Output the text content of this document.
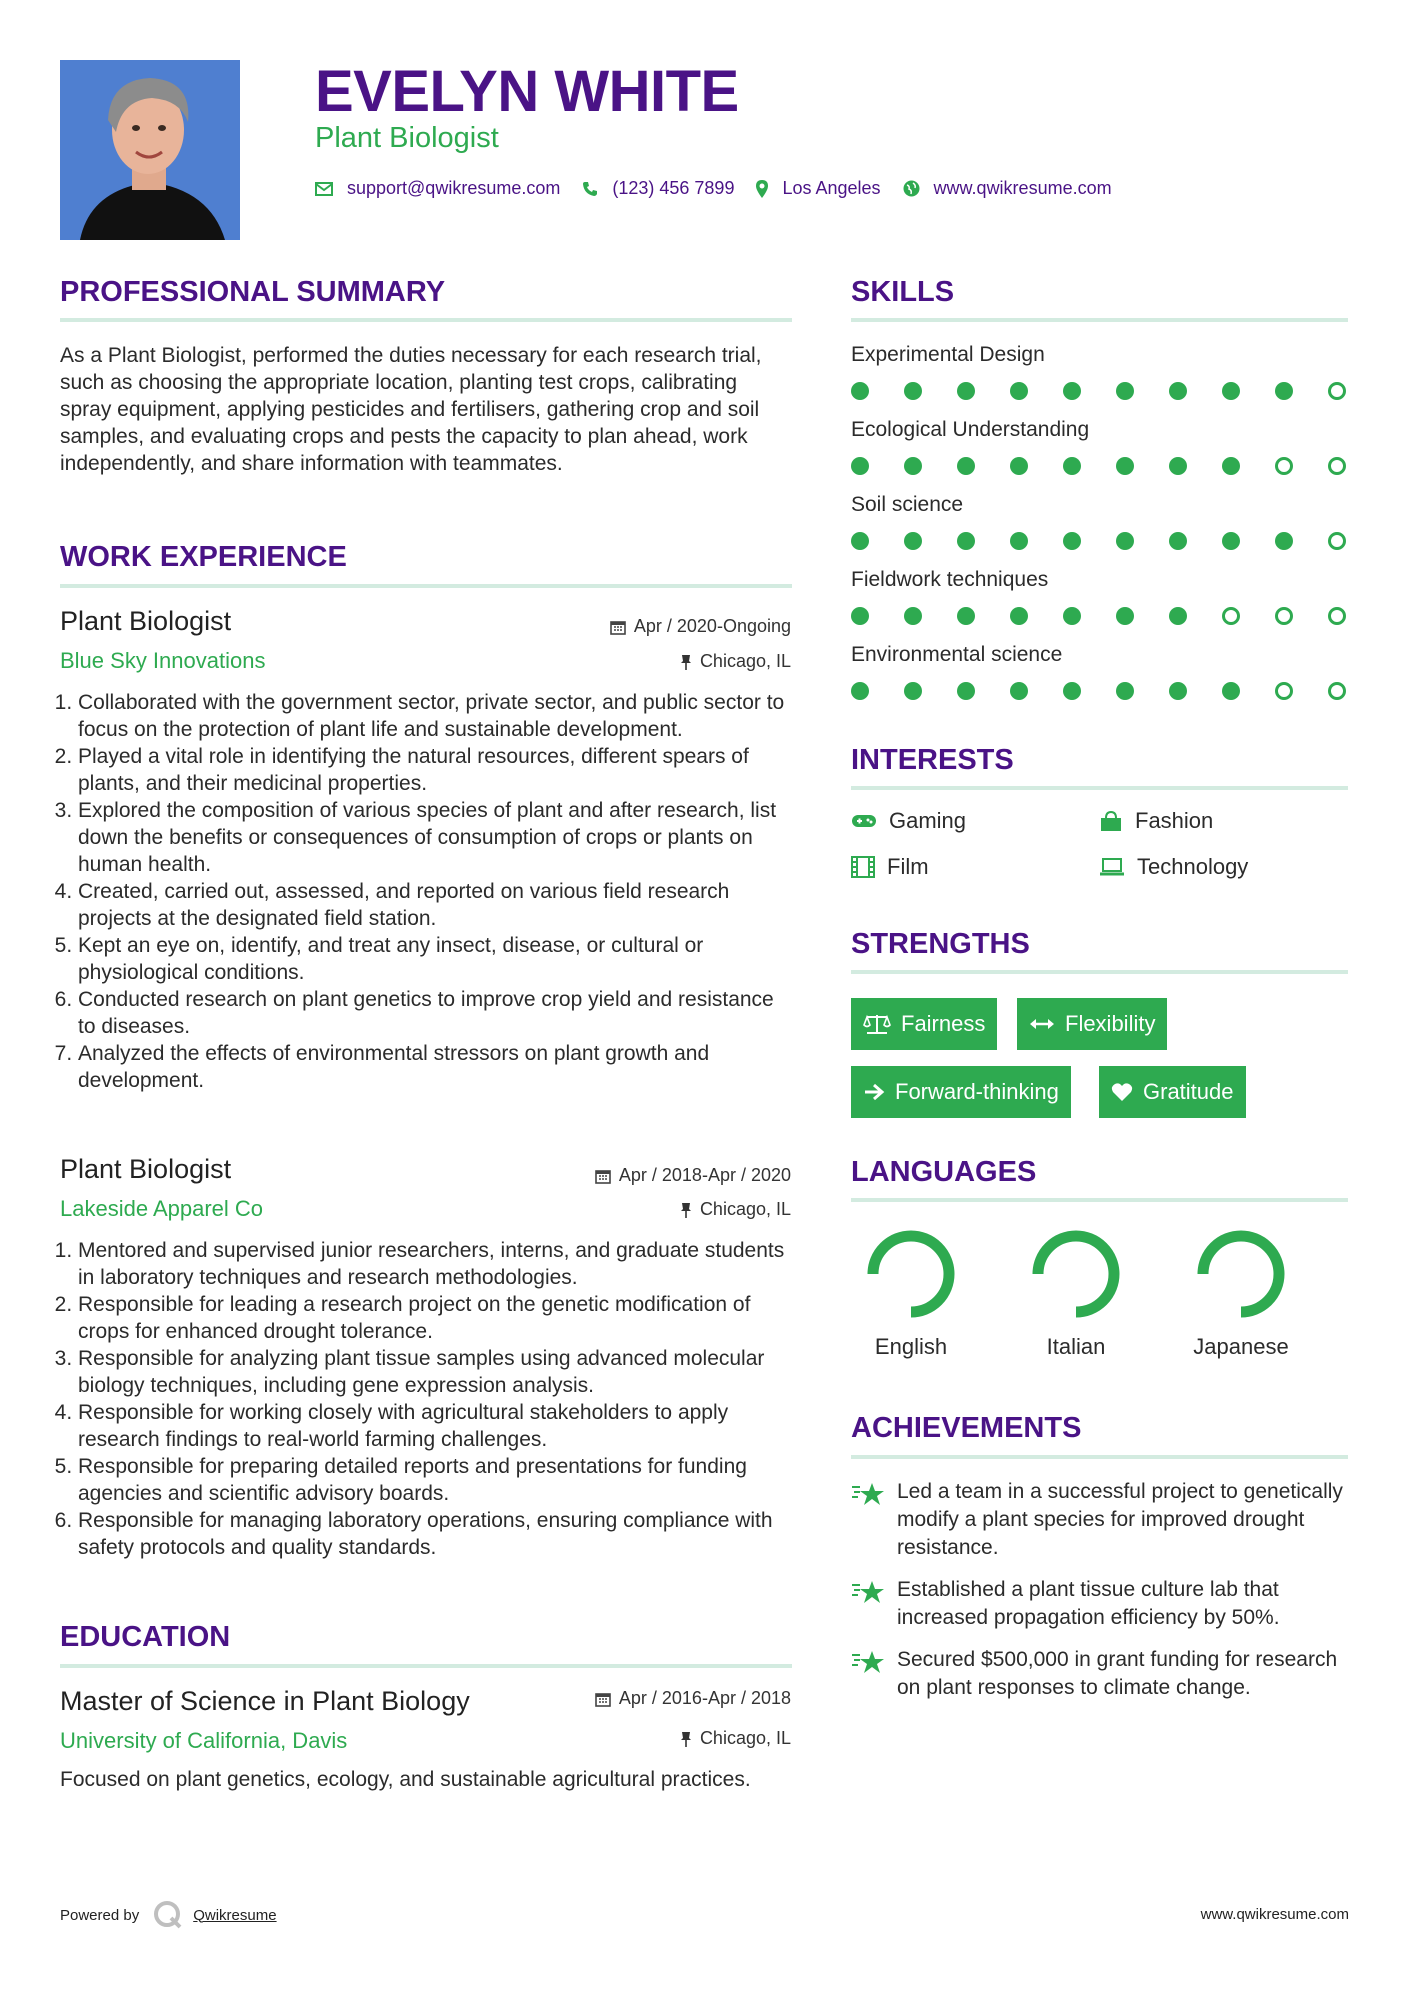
EVELYN WHITE
Plant Biologist
support@qwikresume.com	(123) 456 7899	Los Angeles	www.qwikresume.com
PROFESSIONAL SUMMARY
As a Plant Biologist, performed the duties necessary for each research trial, such as choosing the appropriate location, planting test crops, calibrating spray equipment, applying pesticides and fertilisers, gathering crop and soil samples, and evaluating crops and pests the capacity to plan ahead, work independently, and share information with teammates.
WORK EXPERIENCE
Plant Biologist	Apr / 2020-Ongoing
Blue Sky Innovations	Chicago, IL
1. Collaborated with the government sector, private sector, and public sector to focus on the protection of plant life and sustainable development.
2. Played a vital role in identifying the natural resources, different spears of plants, and their medicinal properties.
3. Explored the composition of various species of plant and after research, list down the benefits or consequences of consumption of crops or plants on human health.
4. Created, carried out, assessed, and reported on various field research projects at the designated field station.
5. Kept an eye on, identify, and treat any insect, disease, or cultural or physiological conditions.
6. Conducted research on plant genetics to improve crop yield and resistance to diseases.
7. Analyzed the effects of environmental stressors on plant growth and development.
Plant Biologist	Apr / 2018-Apr / 2020
Lakeside Apparel Co	Chicago, IL
1. Mentored and supervised junior researchers, interns, and graduate students in laboratory techniques and research methodologies.
2. Responsible for leading a research project on the genetic modification of crops for enhanced drought tolerance.
3. Responsible for analyzing plant tissue samples using advanced molecular biology techniques, including gene expression analysis.
4. Responsible for working closely with agricultural stakeholders to apply research findings to real-world farming challenges.
5. Responsible for preparing detailed reports and presentations for funding agencies and scientific advisory boards.
6. Responsible for managing laboratory operations, ensuring compliance with safety protocols and quality standards.
EDUCATION
Master of Science in Plant Biology	Apr / 2016-Apr / 2018
University of California, Davis	Chicago, IL
Focused on plant genetics, ecology, and sustainable agricultural practices.
SKILLS
Experimental Design
Ecological Understanding
Soil science
Fieldwork techniques
Environmental science
INTERESTS
Gaming	Fashion
Film	Technology
STRENGTHS
Fairness	Flexibility
Forward-thinking	Gratitude
LANGUAGES
English	Italian	Japanese
ACHIEVEMENTS
Led a team in a successful project to genetically modify a plant species for improved drought resistance.
Established a plant tissue culture lab that increased propagation efficiency by 50%.
Secured $500,000 in grant funding for research on plant responses to climate change.
Powered by	Qwikresume	www.qwikresume.com
